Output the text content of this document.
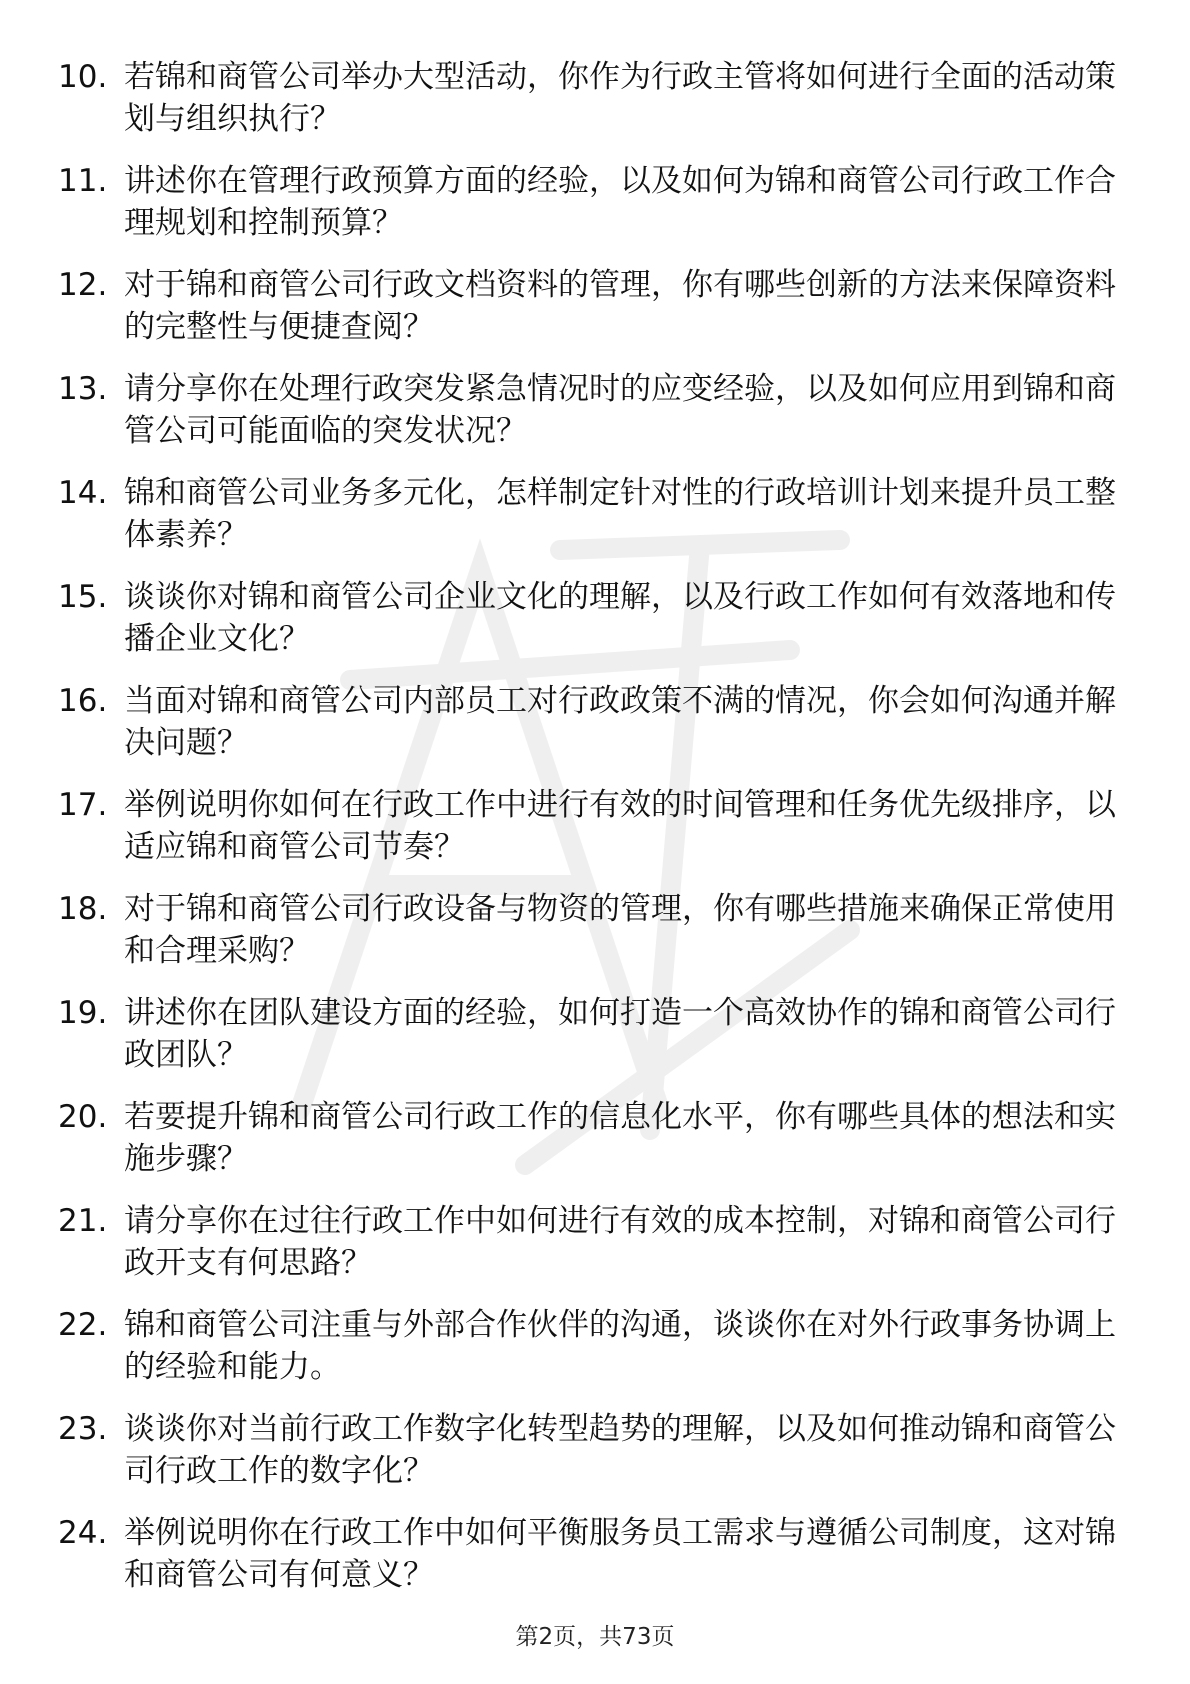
10. 若锦和商管公司举办大型活动，你作为行政主管将如何进行全面的活动策划与组织执行？
11. 讲述你在管理行政预算方面的经验，以及如何为锦和商管公司行政工作合理规划和控制预算？
12. 对于锦和商管公司行政文档资料的管理，你有哪些创新的方法来保障资料的完整性与便捷查阅？
13. 请分享你在处理行政突发紧急情况时的应变经验，以及如何应用到锦和商管公司可能面临的突发状况？
14. 锦和商管公司业务多元化，怎样制定针对性的行政培训计划来提升员工整体素养？
15. 谈谈你对锦和商管公司企业文化的理解，以及行政工作如何有效落地和传播企业文化？
16. 当面对锦和商管公司内部员工对行政政策不满的情况，你会如何沟通并解决问题？
17. 举例说明你如何在行政工作中进行有效的时间管理和任务优先级排序，以适应锦和商管公司节奏？
18. 对于锦和商管公司行政设备与物资的管理，你有哪些措施来确保正常使用和合理采购？
19. 讲述你在团队建设方面的经验，如何打造一个高效协作的锦和商管公司行政团队？
20. 若要提升锦和商管公司行政工作的信息化水平，你有哪些具体的想法和实施步骤？
21. 请分享你在过往行政工作中如何进行有效的成本控制，对锦和商管公司行政开支有何思路？
22. 锦和商管公司注重与外部合作伙伴的沟通，谈谈你在对外行政事务协调上的经验和能力。
23. 谈谈你对当前行政工作数字化转型趋势的理解，以及如何推动锦和商管公司行政工作的数字化？
24. 举例说明你在行政工作中如何平衡服务员工需求与遵循公司制度，这对锦和商管公司有何意义？
第2页，共73页
